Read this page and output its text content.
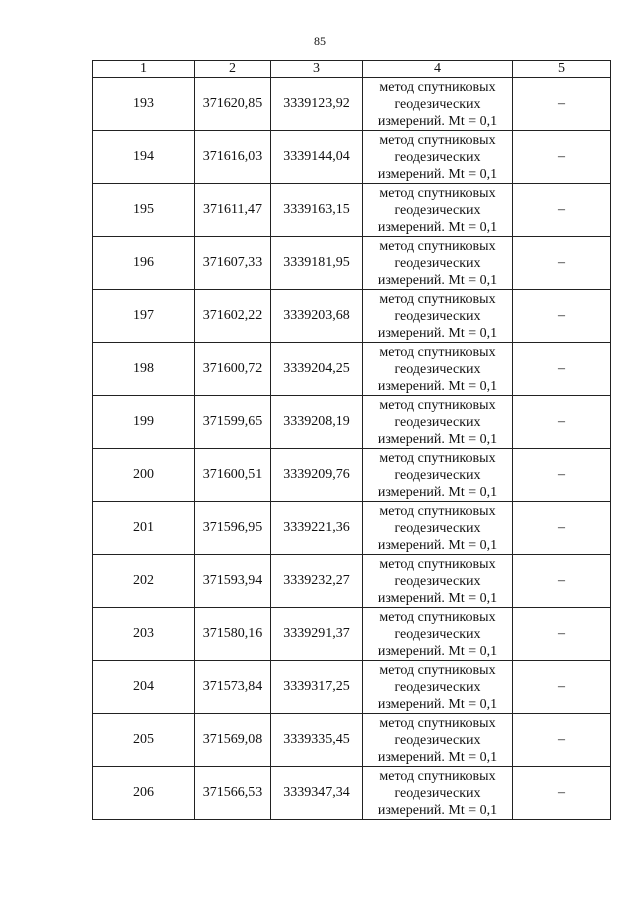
85
1	2	3	4	5
193	371620,85	3339123,92	метод спутниковых
геодезических
измерений. Mt = 0,1	–
194	371616,03	3339144,04	метод спутниковых
геодезических
измерений. Mt = 0,1	–
195	371611,47	3339163,15	метод спутниковых
геодезических
измерений. Mt = 0,1	–
196	371607,33	3339181,95	метод спутниковых
геодезических
измерений. Mt = 0,1	–
197	371602,22	3339203,68	метод спутниковых
геодезических
измерений. Mt = 0,1	–
198	371600,72	3339204,25	метод спутниковых
геодезических
измерений. Mt = 0,1	–
199	371599,65	3339208,19	метод спутниковых
геодезических
измерений. Mt = 0,1	–
200	371600,51	3339209,76	метод спутниковых
геодезических
измерений. Mt = 0,1	–
201	371596,95	3339221,36	метод спутниковых
геодезических
измерений. Mt = 0,1	–
202	371593,94	3339232,27	метод спутниковых
геодезических
измерений. Mt = 0,1	–
203	371580,16	3339291,37	метод спутниковых
геодезических
измерений. Mt = 0,1	–
204	371573,84	3339317,25	метод спутниковых
геодезических
измерений. Mt = 0,1	–
205	371569,08	3339335,45	метод спутниковых
геодезических
измерений. Mt = 0,1	–
206	371566,53	3339347,34	метод спутниковых
геодезических
измерений. Mt = 0,1	–
